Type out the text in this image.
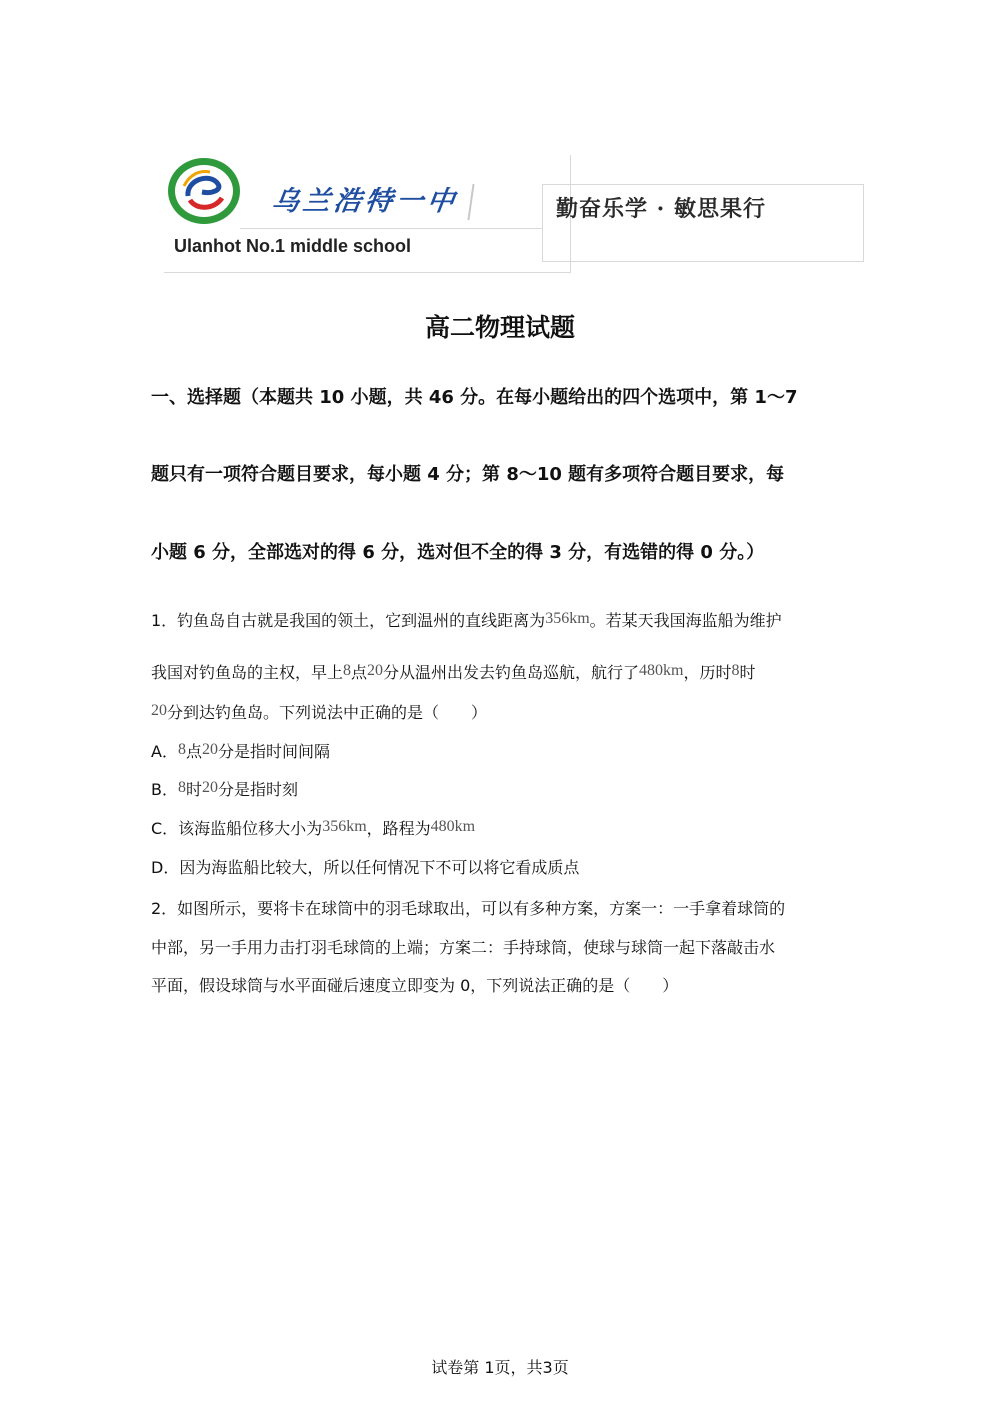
乌兰浩特一中
Ulanhot No.1 middle school
勤奋乐学 · 敏思果行
高二物理试题
一、选择题（本题共 10 小题，共 46 分。在每小题给出的四个选项中，第 1～7
题只有一项符合题目要求，每小题 4 分；第 8～10 题有多项符合题目要求，每
小题 6 分，全部选对的得 6 分，选对但不全的得 3 分，有选错的得 0 分。）
1．钓鱼岛自古就是我国的领土，它到温州的直线距离为356km。若某天我国海监船为维护
我国对钓鱼岛的主权，早上8点20分从温州出发去钓鱼岛巡航，航行了480km，历时8时
20分到达钓鱼岛。下列说法中正确的是（　　）
A．8点20分是指时间间隔
B．8时20分是指时刻
C．该海监船位移大小为356km，路程为480km
D．因为海监船比较大，所以任何情况下不可以将它看成质点
2．如图所示，要将卡在球筒中的羽毛球取出，可以有多种方案，方案一：一手拿着球筒的
中部，另一手用力击打羽毛球筒的上端；方案二：手持球筒，使球与球筒一起下落敲击水
平面，假设球筒与水平面碰后速度立即变为 0，下列说法正确的是（　　）
试卷第 1页，共3页
